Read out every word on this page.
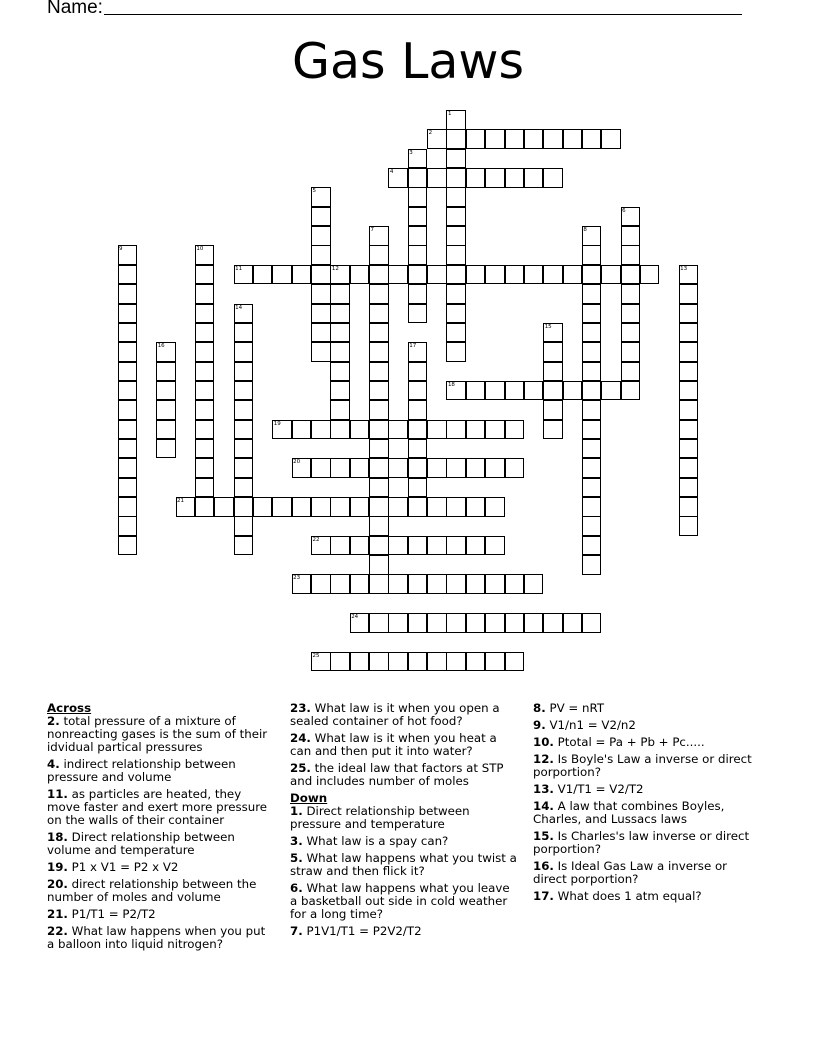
Name:
Gas Laws
1
2
3
4
5
6
7	8
9	10
11	12	13
14
15
16	17
18
19
20
21
22
23
24
25

Across

2. total pressure of a mixture of nonreacting gases is the sum of their idvidual partical pressures

4. indirect relationship between pressure and volume

11. as particles are heated, they move faster and exert more pressure on the walls of their container

18. Direct relationship between volume and temperature

19. P1 x V1 = P2 x V2

20. direct relationship between the number of moles and volume

21. P1/T1 = P2/T2

22. What law happens when you put a balloon into liquid nitrogen?

23. What law is it when you open a sealed container of hot food?

24. What law is it when you heat a can and then put it into water?

25. the ideal law that factors at STP and includes number of moles

Down

1. Direct relationship between pressure and temperature

3. What law is a spay can?

5. What law happens what you twist a straw and then flick it?

6. What law happens what you leave a basketball out side in cold weather for a long time?

7. P1V1/T1 = P2V2/T2

8. PV = nRT

9. V1/n1 = V2/n2

10. Ptotal = Pa + Pb + Pc.....

12. Is Boyle's Law a inverse or direct porportion?

13. V1/T1 = V2/T2

14. A law that combines Boyles, Charles, and Lussacs laws

15. Is Charles's law inverse or direct porportion?

16. Is Ideal Gas Law a inverse or direct porportion?

17. What does 1 atm equal?
